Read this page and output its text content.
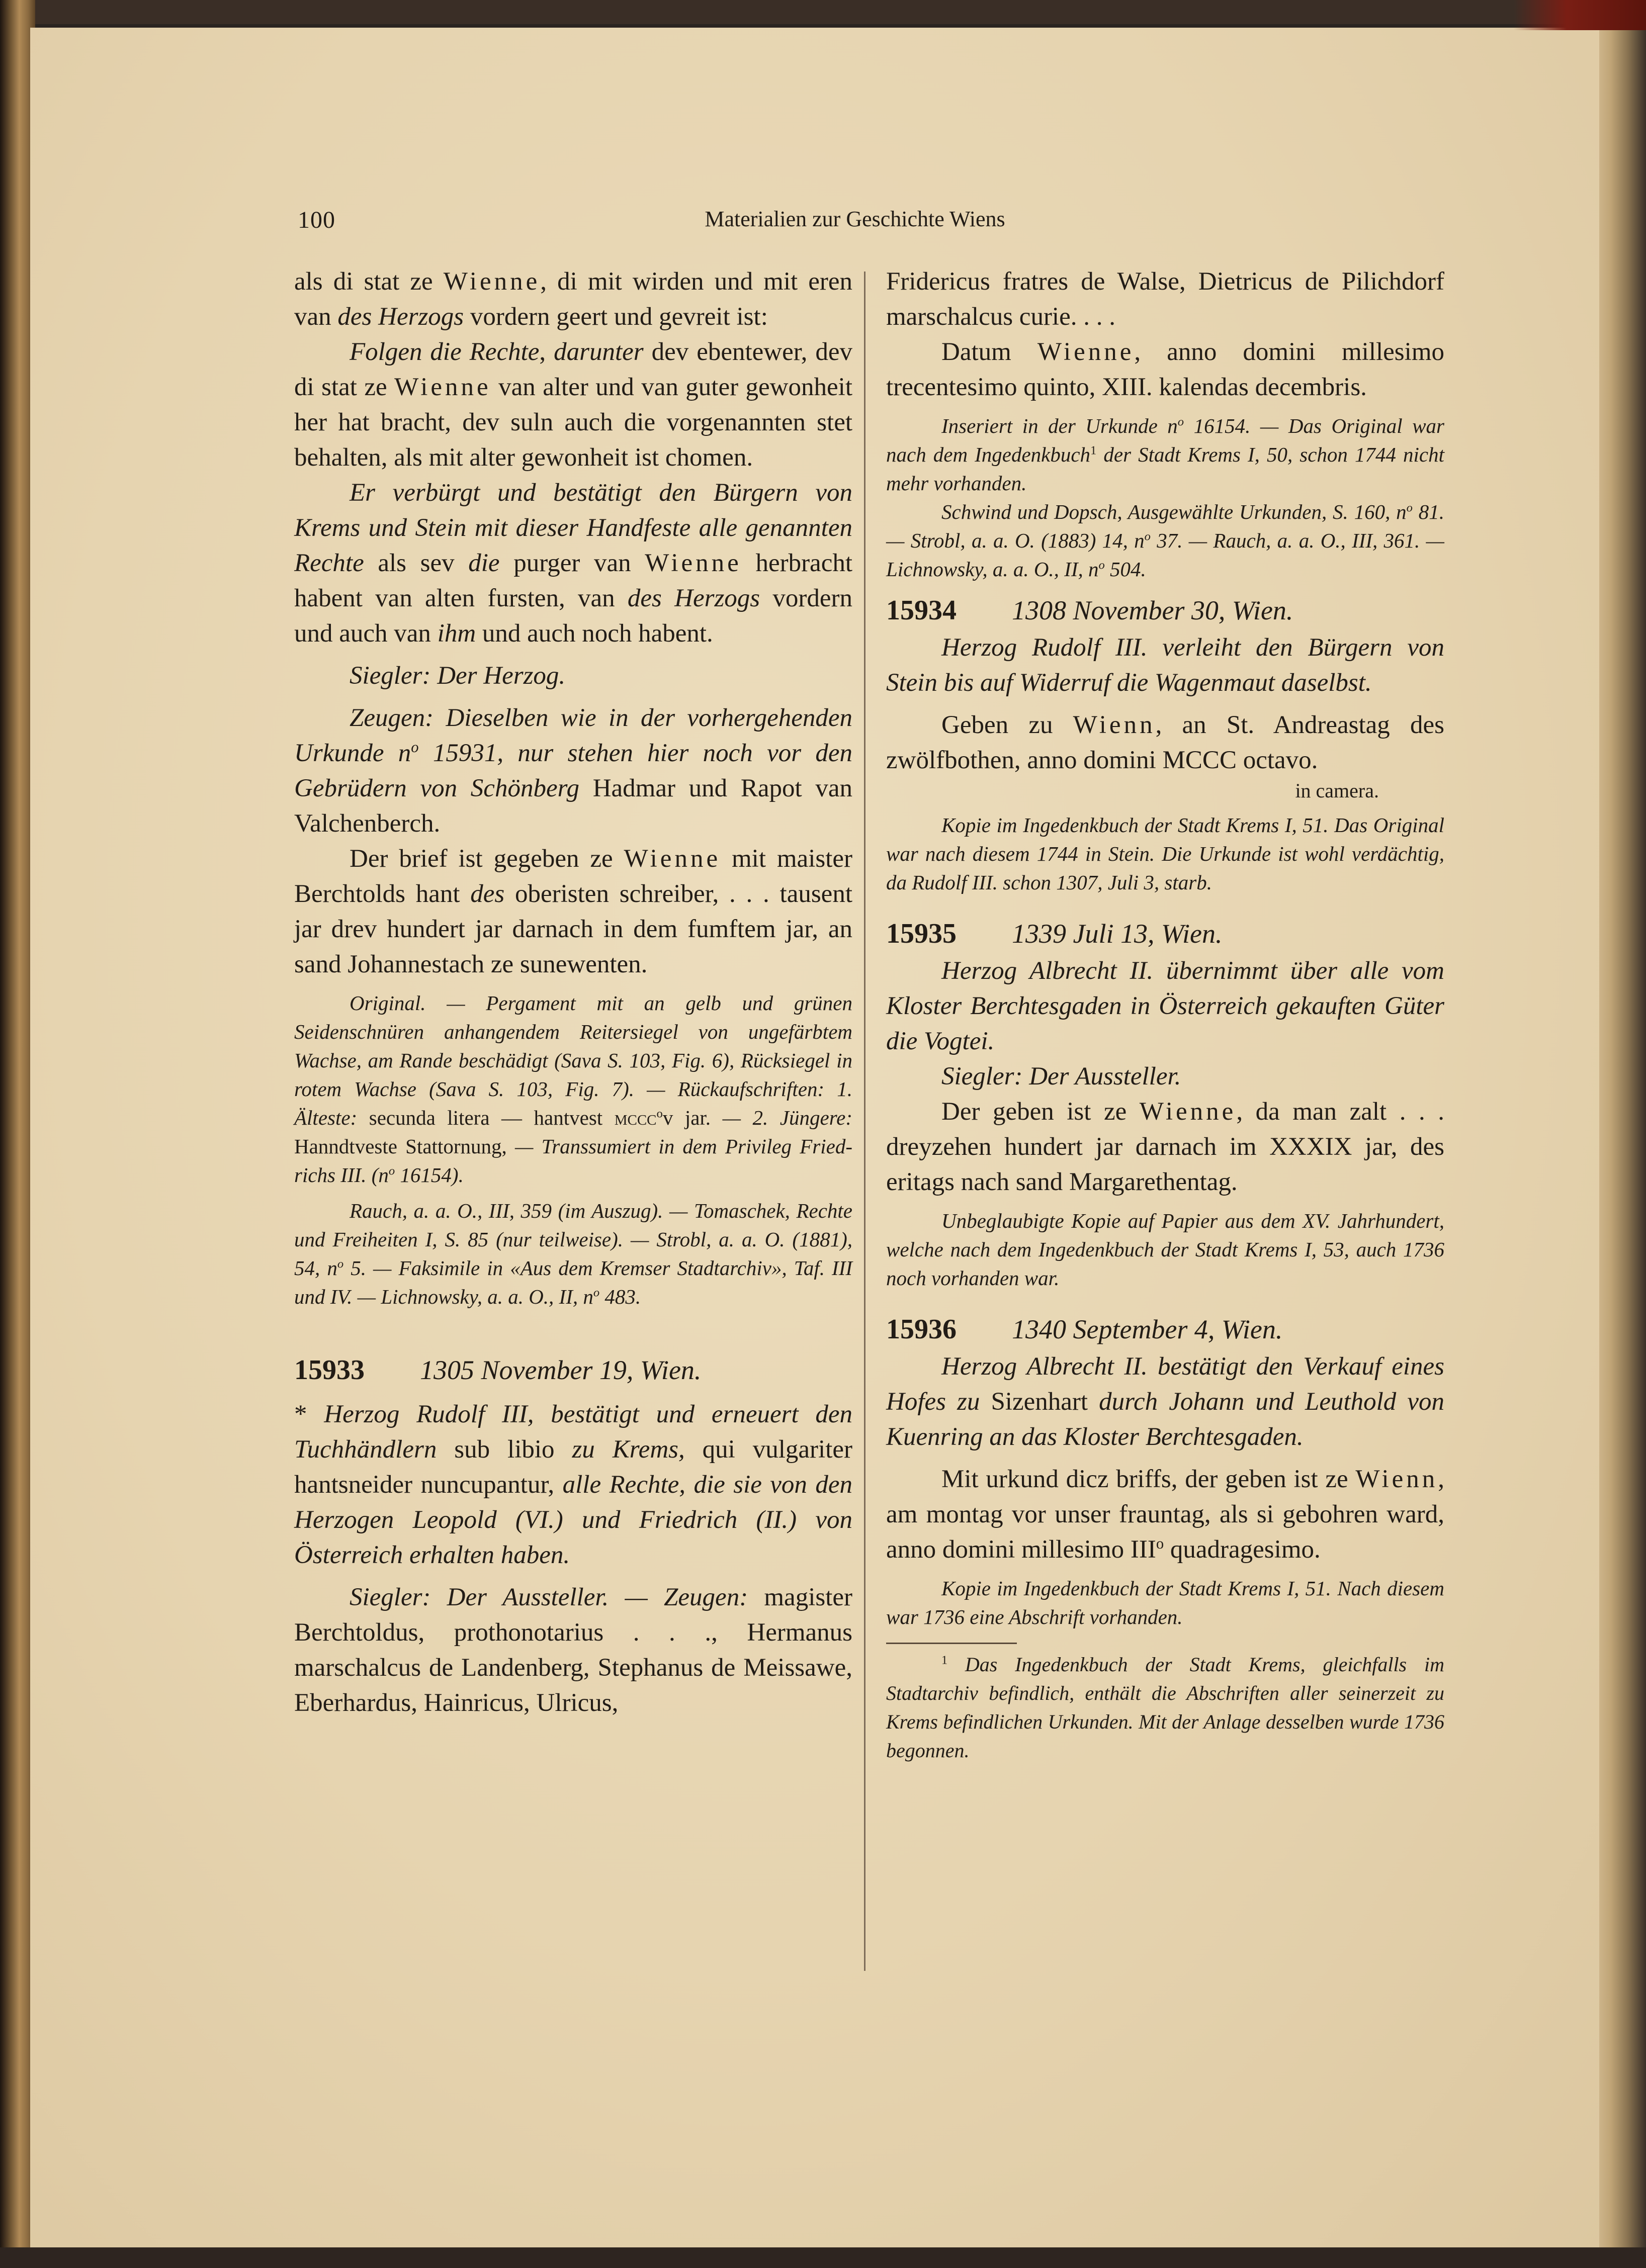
100	Materialien zur Geschichte Wiens

als di stat ze Wienne, di mit wirden und mit eren van des Herzogs vordern geert und gevreit ist:

Folgen die Rechte, darunter dev ebentewer, dev di stat ze Wienne van alter und van guter gewonheit her hat bracht, dev suln auch die vorgenannten stet behalten, als mit alter gewonheit ist chomen.

Er verbürgt und bestätigt den Bürgern von Krems und Stein mit dieser Handfeste alle genannten Rechte als sev die purger van Wienne herbracht habent van alten fursten, van des Herzogs vordern und auch van ihm und auch noch habent.

Siegler: Der Herzog.

Zeugen: Dieselben wie in der vorhergehenden Urkunde $n^o$ 15931, nur stehen hier noch vor den Gebrüdern von Schönberg Hadmar und Rapot van Valchenberch.

Der brief ist gegeben ze Wienne mit maister Berchtolds hant des oberisten schreiber, . . . tausent jar drev hundert jar darnach in dem fumftem jar, an sand Johannestach ze sunewenten.

Original. — Pergament mit an gelb und grünen Seidenschnüren anhangendem Reitersiegel von ungefärbtem Wachse, am Rande beschädigt (Sava S. 103, Fig. 6), Rücksiegel in rotem Wachse (Sava S. 103, Fig. 7). — Rückaufschriften: 1. Älteste: secunda litera — hantvest mccc$^o$v jar. — 2. Jüngere: Hanndtveste Stattornung, — Transsumiert in dem Privileg Friedrichs III. ($n^o$ 16154).

Rauch, a. a. O., III, 359 (im Auszug). — Tomaschek, Rechte und Freiheiten I, S. 85 (nur teilweise). — Strobl, a. a. O. (1881), 54, $n^o$ 5. — Faksimile in «Aus dem Kremser Stadtarchiv», Taf. III und IV. — Lichnowsky, a. a. O., II, $n^o$ 483.

15933	1305 November 19, Wien.

* Herzog Rudolf III, bestätigt und erneuert den Tuchhändlern sub libio zu Krems, qui vulgariter hantsneider nuncupantur, alle Rechte, die sie von den Herzogen Leopold (VI.) und Friedrich (II.) von Österreich erhalten haben.

Siegler: Der Aussteller. — Zeugen: magister Berchtoldus, prothonotarius . . ., Hermanus marschalcus de Landenberg, Stephanus de Meissawe, Eberhardus, Hainricus, Ulricus,

Fridericus fratres de Walse, Dietricus de Pilichdorf marschalcus curie. . . .

Datum Wienne, anno domini millesimo trecentesimo quinto, XIII. kalendas decembris.

Inseriert in der Urkunde $n^o$ 16154. — Das Original war nach dem Ingedenkbuch$^1$ der Stadt Krems I, 50, schon 1744 nicht mehr vorhanden.

Schwind und Dopsch, Ausgewählte Urkunden, S. 160, $n^o$ 81. — Strobl, a. a. O. (1883) 14, $n^o$ 37. — Rauch, a. a. O., III, 361. — Lichnowsky, a. a. O., II, $n^o$ 504.

15934	1308 November 30, Wien.

Herzog Rudolf III. verleiht den Bürgern von Stein bis auf Widerruf die Wagenmaut daselbst.

Geben zu Wienn, an St. Andreastag des zwölfbothen, anno domini MCCC octavo.

in camera.

Kopie im Ingedenkbuch der Stadt Krems I, 51. Das Original war nach diesem 1744 in Stein. Die Urkunde ist wohl verdächtig, da Rudolf III. schon 1307, Juli 3, starb.

15935	1339 Juli 13, Wien.

Herzog Albrecht II. übernimmt über alle vom Kloster Berchtesgaden in Österreich gekauften Güter die Vogtei.

Siegler: Der Aussteller.

Der geben ist ze Wienne, da man zalt . . . dreyzehen hundert jar darnach im XXXIX jar, des eritags nach sand Margarethentag.

Unbeglaubigte Kopie auf Papier aus dem XV. Jahrhundert, welche nach dem Ingedenkbuch der Stadt Krems I, 53, auch 1736 noch vorhanden war.

15936	1340 September 4, Wien.

Herzog Albrecht II. bestätigt den Verkauf eines Hofes zu Sizenhart durch Johann und Leuthold von Kuenring an das Kloster Berchtesgaden.

Mit urkund dicz briffs, der geben ist ze Wienn, am montag vor unser frauntag, als si gebohren ward, anno domini millesimo III$^o$ quadragesimo.

Kopie im Ingedenkbuch der Stadt Krems I, 51. Nach diesem war 1736 eine Abschrift vorhanden.

$^1$ Das Ingedenkbuch der Stadt Krems, gleichfalls im Stadtarchiv befindlich, enthält die Abschriften aller seinerzeit zu Krems befindlichen Urkunden. Mit der Anlage desselben wurde 1736 begonnen.
